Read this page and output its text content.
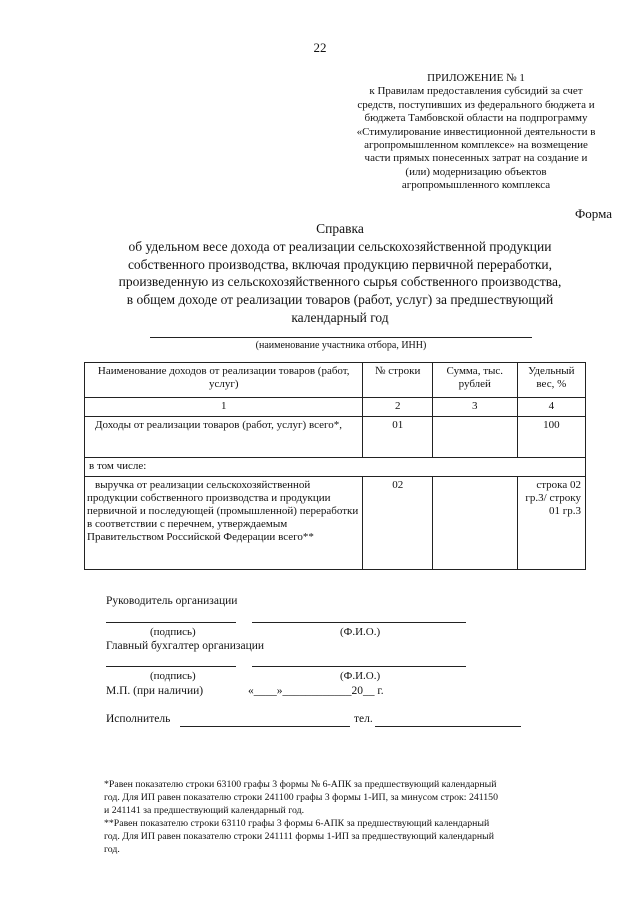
22
ПРИЛОЖЕНИЕ № 1
к Правилам предоставления субсидий за счет
средств, поступивших из федерального бюджета и
бюджета Тамбовской области на подпрограмму
«Стимулирование инвестиционной деятельности в
агропромышленном комплексе» на возмещение
части прямых понесенных затрат на создание и
(или) модернизацию объектов
агропромышленного комплекса
Форма
Справка
об удельном весе дохода от реализации сельскохозяйственной продукции
собственного производства, включая продукцию первичной переработки,
произведенную из сельскохозяйственного сырья собственного производства,
в общем доходе от реализации товаров (работ, услуг) за предшествующий
календарный год
(наименование участника отбора, ИНН)
Наименование доходов от реализации товаров (работ, услуг)	№ строки	Сумма, тыс. рублей	Удельный вес, %
1	2	3	4
Доходы от реализации товаров (работ, услуг) всего*,	01		100
в том числе:			

выручка от реализации сельскохозяйственной
продукции собственного производства и продукции первичной и последующей (промышленной) переработки в соответствии с перечнем, утверждаемым Правительством Российской Федерации всего**	02		строка 02 гр.3/ строку 01 гр.3
Руководитель организации
(подпись)	(Ф.И.О.)
Главный бухгалтер организации
(подпись)	(Ф.И.О.)
М.П. (при наличии)	«____»____________20__ г.
Исполнитель	тел.
*Равен показателю строки 63100 графы 3 формы № 6-АПК за предшествующий календарный
год. Для ИП равен показателю строки 241100 графы 3 формы 1-ИП, за минусом строк: 241150
и 241141 за предшествующий календарный год.
**Равен показателю строки 63110 графы 3 формы 6-АПК за предшествующий календарный
год. Для ИП равен показателю строки 241111 формы 1-ИП за предшествующий календарный
год.
